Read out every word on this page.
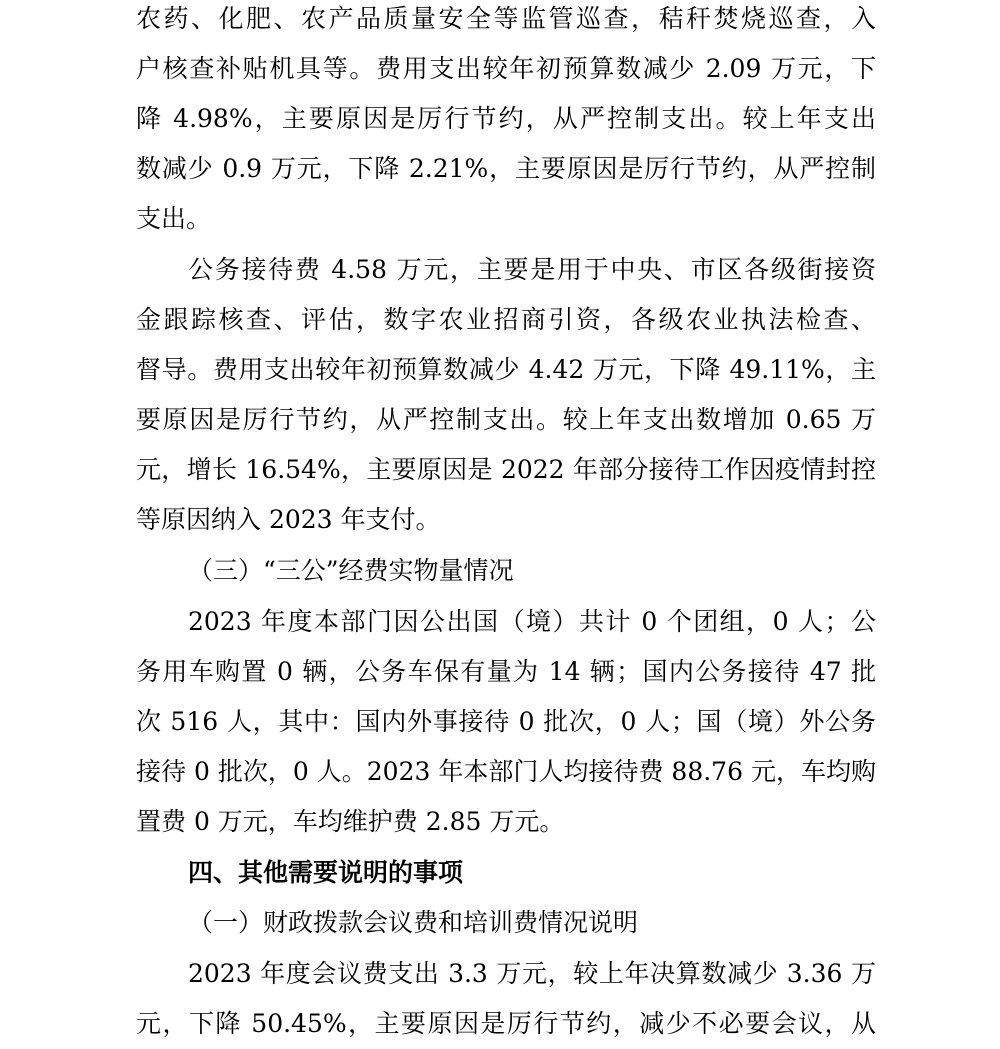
农药、化肥、农产品质量安全等监管巡查，秸秆焚烧巡查，入
户核查补贴机具等。费用支出较年初预算数减少 2.09 万元，下
降 4.98%，主要原因是厉行节约，从严控制支出。较上年支出
数减少 0.9 万元，下降 2.21%，主要原因是厉行节约，从严控制
支出。
公务接待费 4.58 万元，主要是用于中央、市区各级街接资
金跟踪核查、评估，数字农业招商引资，各级农业执法检查、
督导。费用支出较年初预算数减少 4.42 万元，下降 49.11%，主
要原因是厉行节约，从严控制支出。较上年支出数增加 0.65 万
元，增长 16.54%，主要原因是 2022 年部分接待工作因疫情封控
等原因纳入 2023 年支付。
（三）“三公”经费实物量情况
2023 年度本部门因公出国（境）共计 0 个团组，0 人；公
务用车购置 0 辆，公务车保有量为 14 辆；国内公务接待 47 批
次 516 人，其中：国内外事接待 0 批次，0 人；国（境）外公务
接待 0 批次，0 人。2023 年本部门人均接待费 88.76 元，车均购
置费 0 万元，车均维护费 2.85 万元。
四、其他需要说明的事项
（一）财政拨款会议费和培训费情况说明
2023 年度会议费支出 3.3 万元，较上年决算数减少 3.36 万
元，下降 50.45%，主要原因是厉行节约，减少不必要会议，从
